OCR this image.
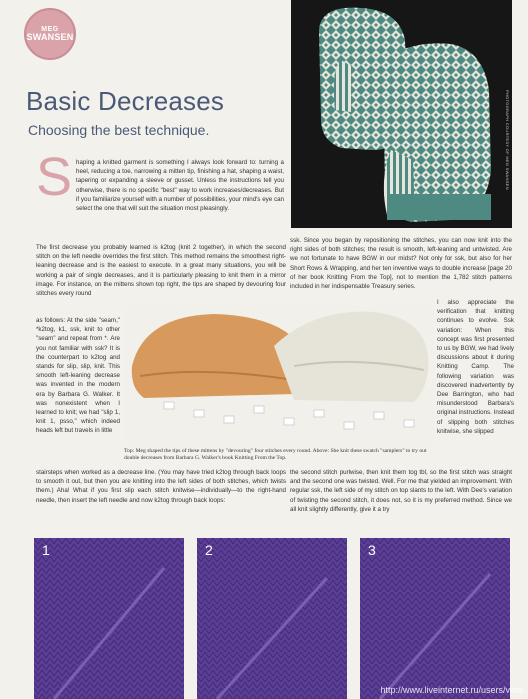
MEG
SWANSEN
Basic Decreases
Choosing the best technique.	PHOTOGRAPH COURTESY OF MEG SWANSEN
S haping a knitted garment is something I always look forward to: turning a heel, reducing a toe, narrowing a mitten tip, finishing a hat, shaping a waist, tapering or expanding a sleeve or gusset. Unless the instructions tell you otherwise, there is no specific "best" way to work increases/decreases. But if you familiarize yourself with a number of possibilities, your mind's eye can select the one that will suit the situation most pleasingly.

The first decrease you probably learned is k2tog (knit 2 together), in which the second stitch on the left needle overrides the first stitch. This method remains the smoothest right-leaning decrease and is the easiest to execute. In a great many situations, you will be working a pair of single decreases, and it is particularly pleasing to knit them in a mirror image. For instance, on the mittens shown top right, the tips are shaped by devouring four stitches every round

ssk. Since you began by repositioning the stitches, you can now knit into the right sides of both stitches; the result is smooth, left-leaning and untwisted. Are we not fortunate to have BGW in our midst? Not only for ssk, but also for her Short Rows & Wrapping, and her ten inventive ways to double increase [page 20 of her book Knitting From the Top], not to mention the 1,782 stitch patterns included in her indispensable Treasury series.

as follows: At the side "seam," *k2tog, k1, ssk, knit to other "seam" and repeat from *. Are you not familiar with ssk? It is the counterpart to k2tog and stands for slip, slip, knit. This smooth left-leaning decrease was invented in the modern era by Barbara G. Walker. It was nonexistent when I learned to knit; we had "slip 1, knit 1, psso," which indeed heads left but travels in little

I also appreciate the verification that knitting continues to evolve. Ssk variation: When this concept was first presented to us by BGW, we had lively discussions about it during Knitting Camp. The following variation was discovered inadvertently by Dee Barrington, who had misunderstood Barbara's original instructions. Instead of slipping both stitches knitwise, she slipped

Top: Meg shaped the tips of these mittens by "devouring" four stitches every round. Above: She knit these swatch "samplers" to try out double decreases from Barbara G. Walker's book Knitting From the Top.

stairsteps when worked as a decrease line. (You may have tried k2tog through back loops to smooth it out, but then you are knitting into the left sides of both stitches, which twists them.) Aha! What if you first slip each stitch knitwise—individually—to the right-hand needle, then insert the left needle and now k2tog through back loops:

the second stitch purlwise, then knit them tog tbl, so the first stitch was straight and the second one was twisted. Well. For me that yielded an improvement. With regular ssk, the left side of my stitch on top slants to the left. With Dee's variation of twisting the second stitch, it does not, so it is my preferred method. Since we all knit slightly differently, give it a try

1	2	3
http://www.liveinternet.ru/users/vera-
